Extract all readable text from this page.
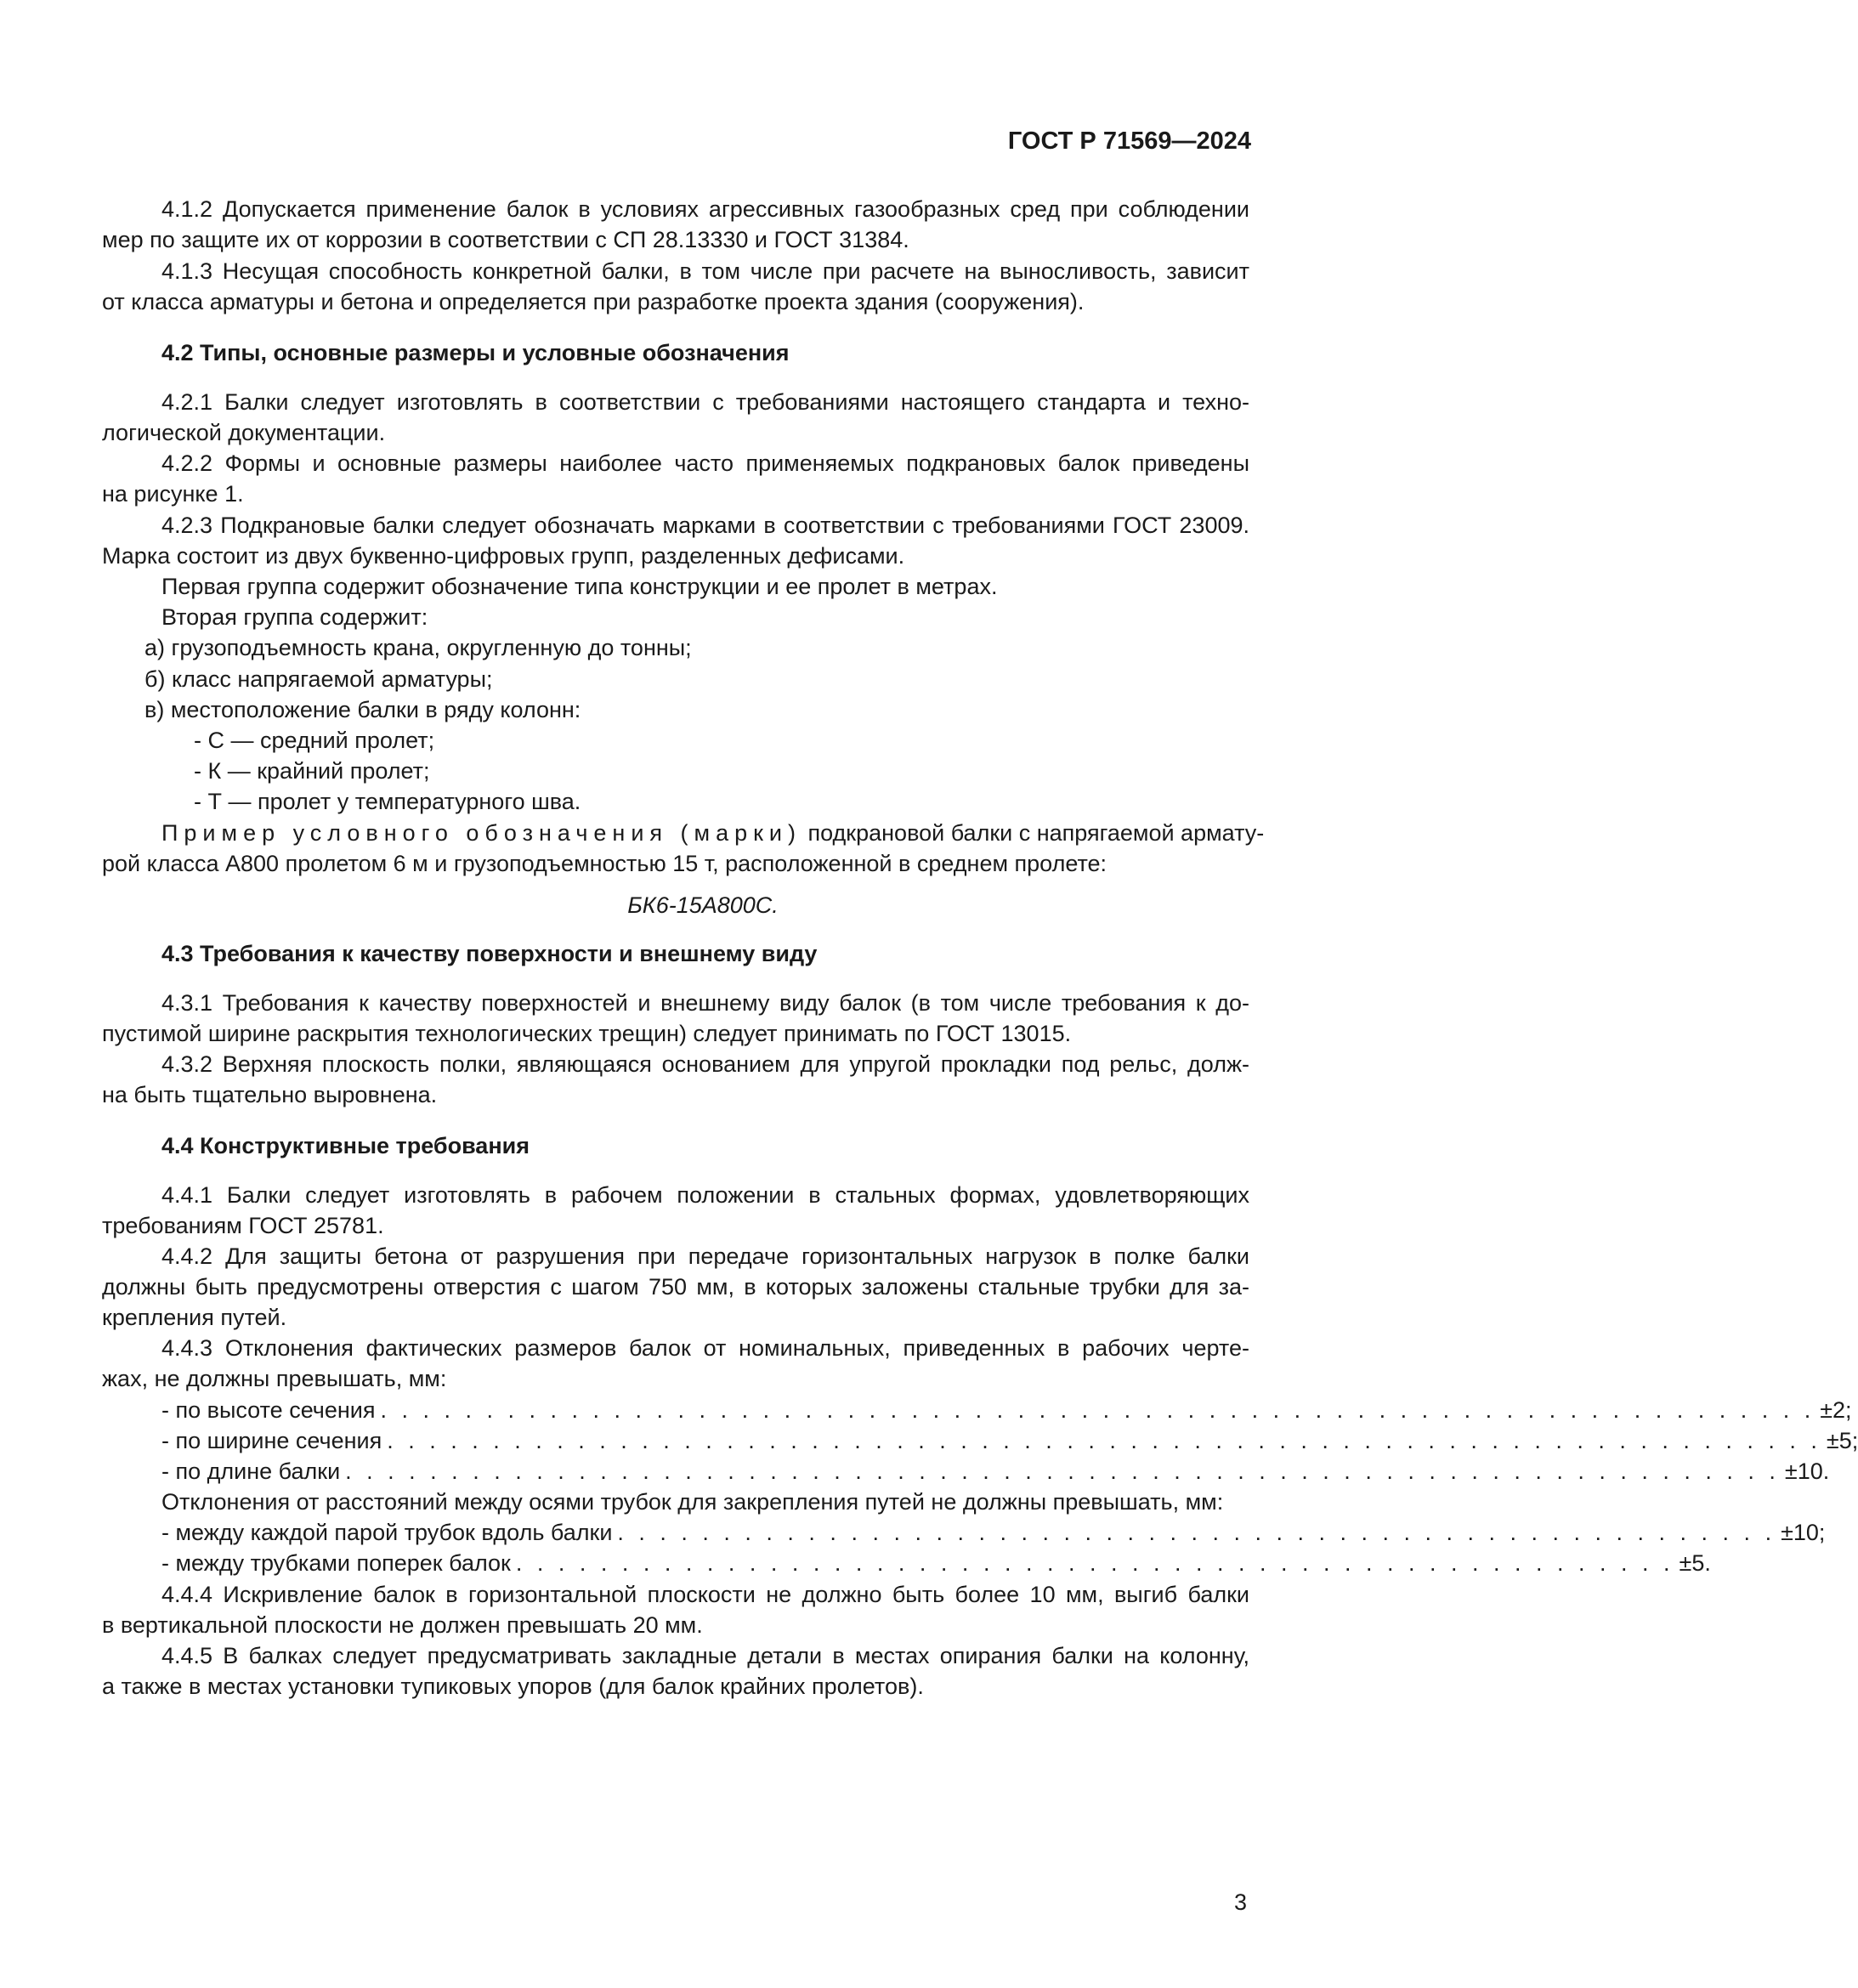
ГОСТ Р 71569—2024
4.1.2 Допускается применение балок в условиях агрессивных газообразных сред при соблюдении
мер по защите их от коррозии в соответствии с СП 28.13330 и ГОСТ 31384.
4.1.3 Несущая способность конкретной балки, в том числе при расчете на выносливость, зависит
от класса арматуры и бетона и определяется при разработке проекта здания (сооружения).
4.2 Типы, основные размеры и условные обозначения
4.2.1 Балки следует изготовлять в соответствии с требованиями настоящего стандарта и техно-
логической документации.
4.2.2 Формы и основные размеры наиболее часто применяемых подкрановых балок приведены
на рисунке 1.
4.2.3 Подкрановые балки следует обозначать марками в соответствии с требованиями ГОСТ 23009.
Марка состоит из двух буквенно-цифровых групп, разделенных дефисами.
Первая группа содержит обозначение типа конструкции и ее пролет в метрах.
Вторая группа содержит:
а) грузоподъемность крана, округленную до тонны;
б) класс напрягаемой арматуры;
в) местоположение балки в ряду колонн:
- С — средний пролет;
- К — крайний пролет;
- Т — пролет у температурного шва.
Пример условного обозначения (марки) подкрановой балки с напрягаемой армату-
рой класса А800 пролетом 6 м и грузоподъемностью 15 т, расположенной в среднем пролете:
БК6-15А800С.
4.3 Требования к качеству поверхности и внешнему виду
4.3.1 Требования к качеству поверхностей и внешнему виду балок (в том числе требования к до-
пустимой ширине раскрытия технологических трещин) следует принимать по ГОСТ 13015.
4.3.2 Верхняя плоскость полки, являющаяся основанием для упругой прокладки под рельс, долж-
на быть тщательно выровнена.
4.4 Конструктивные требования
4.4.1 Балки следует изготовлять в рабочем положении в стальных формах, удовлетворяющих
требованиям ГОСТ 25781.
4.4.2 Для защиты бетона от разрушения при передаче горизонтальных нагрузок в полке балки
должны быть предусмотрены отверстия с шагом 750 мм, в которых заложены стальные трубки для за-
крепления путей.
4.4.3 Отклонения фактических размеров балок от номинальных, приведенных в рабочих черте-
жах, не должны превышать, мм:
- по высоте сечения . . . . . . . . . . . . . . . . . . . . . . . . . . . . . . . . . . . . . . . . . . . . . . . . . . . . . . . . . . . . . . . . . . . . ±2;
- по ширине сечения . . . . . . . . . . . . . . . . . . . . . . . . . . . . . . . . . . . . . . . . . . . . . . . . . . . . . . . . . . . . . . . . . . . . ±5;
- по длине балки . . . . . . . . . . . . . . . . . . . . . . . . . . . . . . . . . . . . . . . . . . . . . . . . . . . . . . . . . . . . . . . . . . . . ±10.
Отклонения от расстояний между осями трубок для закрепления путей не должны превышать, мм:
- между каждой парой трубок вдоль балки . . . . . . . . . . . . . . . . . . . . . . . . . . . . . . . . . . . . . . . . . . . . . . . . . . . . . . . ±10;
- между трубками поперек балок . . . . . . . . . . . . . . . . . . . . . . . . . . . . . . . . . . . . . . . . . . . . . . . . . . . . . . . ±5.
4.4.4 Искривление балок в горизонтальной плоскости не должно быть более 10 мм, выгиб балки
в вертикальной плоскости не должен превышать 20 мм.
4.4.5 В балках следует предусматривать закладные детали в местах опирания балки на колонну,
а также в местах установки тупиковых упоров (для балок крайних пролетов).
3
